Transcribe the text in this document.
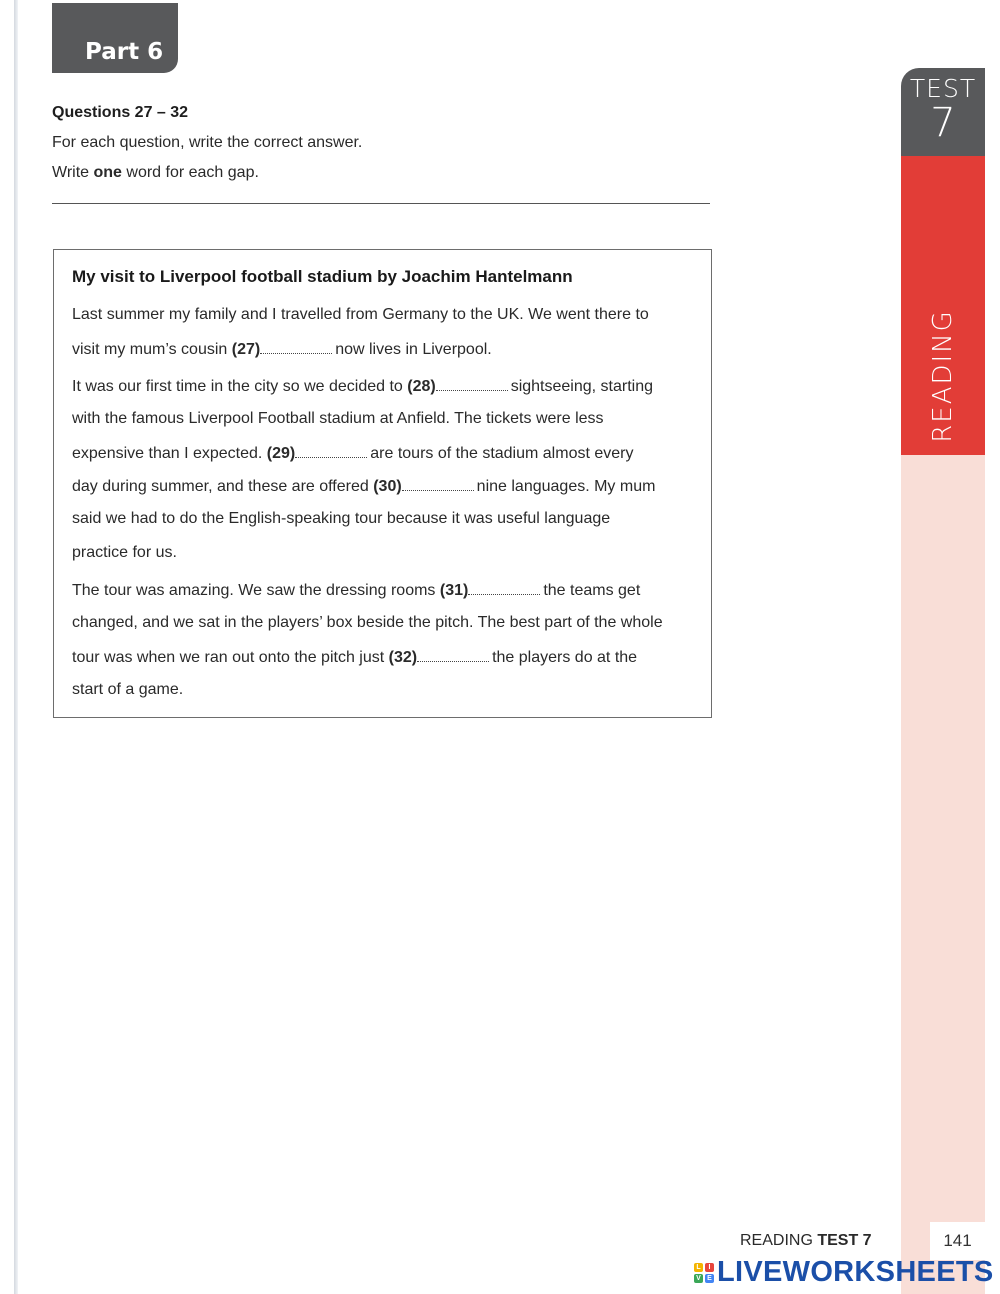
Part 6
Questions 27 – 32
For each question, write the correct answer.
Write one word for each gap.
My visit to Liverpool football stadium by Joachim Hantelmann
Last summer my family and I travelled from Germany to the UK. We went there to
visit my mum’s cousin (27)	now lives in Liverpool.
It was our first time in the city so we decided to (28)	sightseeing, starting
with the famous Liverpool Football stadium at Anfield. The tickets were less
expensive than I expected. (29)	are tours of the stadium almost every
day during summer, and these are offered (30)	nine languages. My mum
said we had to do the English-speaking tour because it was useful language
practice for us.
The tour was amazing. We saw the dressing rooms (31)	the teams get
changed, and we sat in the players’ box beside the pitch. The best part of the whole
tour was when we ran out onto the pitch just (32)	the players do at the
start of a game.
TEST
7
READING
141
READING TEST 7
L	I
V E LIVEWORKSHEETS
